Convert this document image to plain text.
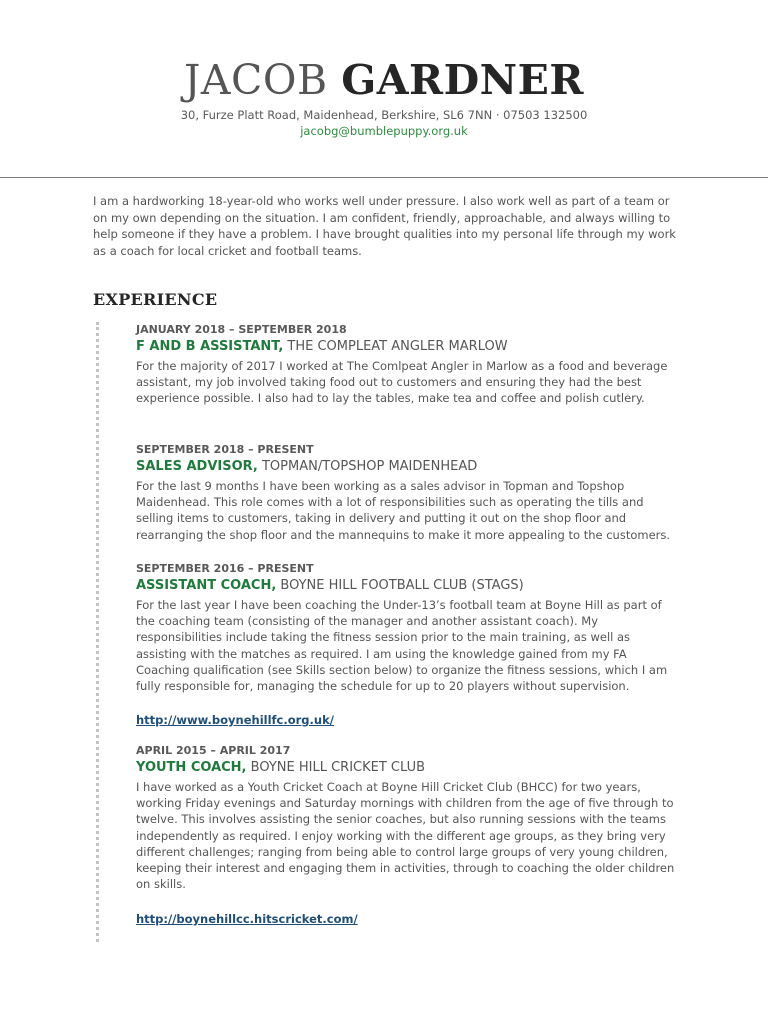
JACOB GARDNER
30, Furze Platt Road, Maidenhead, Berkshire, SL6 7NN · 07503 132500
jacobg@bumblepuppy.org.uk
I am a hardworking 18-year-old who works well under pressure. I also work well as part of a team or on my own depending on the situation. I am confident, friendly, approachable, and always willing to help someone if they have a problem. I have brought qualities into my personal life through my work as a coach for local cricket and football teams.
EXPERIENCE
JANUARY 2018 – SEPTEMBER 2018
F AND B ASSISTANT, THE COMPLEAT ANGLER MARLOW
For the majority of 2017 I worked at The Comlpeat Angler in Marlow as a food and beverage assistant, my job involved taking food out to customers and ensuring they had the best experience possible. I also had to lay the tables, make tea and coffee and polish cutlery.
SEPTEMBER 2018 – PRESENT
SALES ADVISOR, TOPMAN/TOPSHOP MAIDENHEAD
For the last 9 months I have been working as a sales advisor in Topman and Topshop Maidenhead. This role comes with a lot of responsibilities such as operating the tills and selling items to customers, taking in delivery and putting it out on the shop floor and rearranging the shop floor and the mannequins to make it more appealing to the customers.
SEPTEMBER 2016 – PRESENT
ASSISTANT COACH, BOYNE HILL FOOTBALL CLUB (STAGS)
For the last year I have been coaching the Under-13’s football team at Boyne Hill as part of the coaching team (consisting of the manager and another assistant coach). My responsibilities include taking the fitness session prior to the main training, as well as assisting with the matches as required. I am using the knowledge gained from my FA Coaching qualification (see Skills section below) to organize the fitness sessions, which I am fully responsible for, managing the schedule for up to 20 players without supervision.
http://www.boynehillfc.org.uk/
APRIL 2015 – APRIL 2017
YOUTH COACH, BOYNE HILL CRICKET CLUB
I have worked as a Youth Cricket Coach at Boyne Hill Cricket Club (BHCC) for two years, working Friday evenings and Saturday mornings with children from the age of five through to twelve. This involves assisting the senior coaches, but also running sessions with the teams independently as required. I enjoy working with the different age groups, as they bring very different challenges; ranging from being able to control large groups of very young children, keeping their interest and engaging them in activities, through to coaching the older children on skills.
http://boynehillcc.hitscricket.com/
